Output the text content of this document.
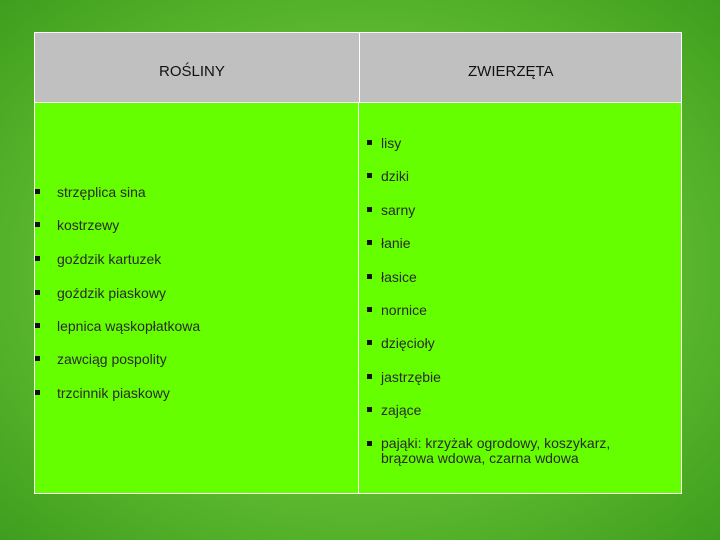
ROŚLINY	ZWIERZĘTA
strzęplica sina
kostrzewy
goździk kartuzek
goździk piaskowy
lepnica wąskopłatkowa
zawciąg pospolity
trzcinnik piaskowy
lisy
dziki
sarny
łanie
łasice
nornice
dzięcioły
jastrzębie
zające
pająki: krzyżak ogrodowy, koszykarz, brązowa wdowa, czarna wdowa
